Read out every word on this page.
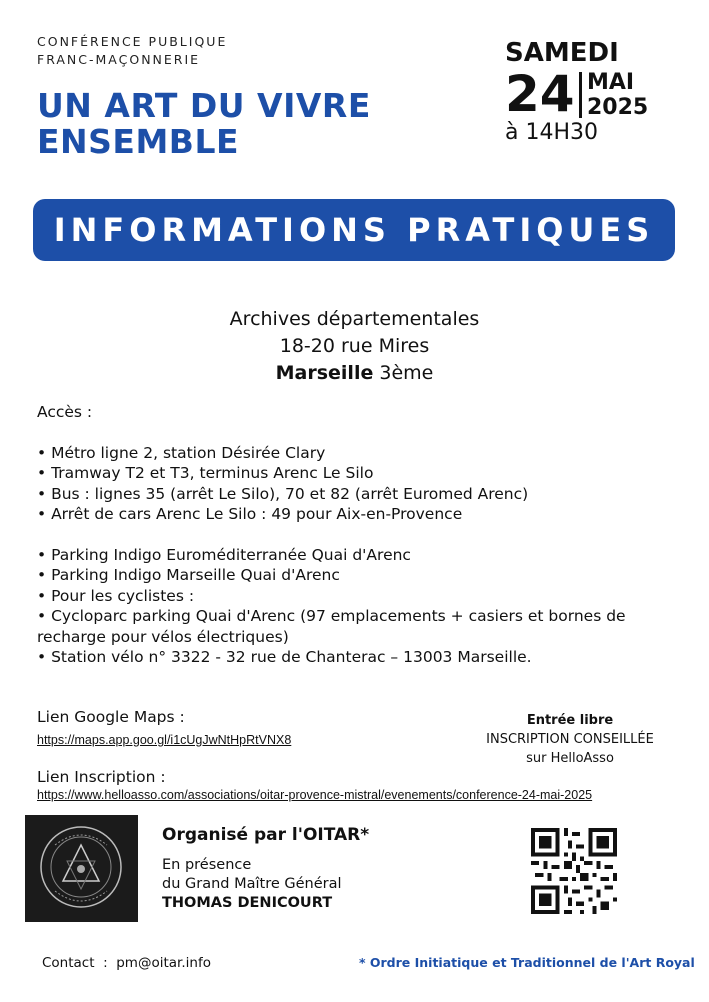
CONFÉRENCE PUBLIQUE
FRANC-MAÇONNERIE
UN ART DU VIVRE
ENSEMBLE
SAMEDI
24 MAI
2025
à 14H30
INFORMATIONS PRATIQUES
Archives départementales
18-20 rue Mires
Marseille 3ème
Accès :
• Métro ligne 2, station Désirée Clary
• Tramway T2 et T3, terminus Arenc Le Silo
• Bus : lignes 35 (arrêt Le Silo), 70 et 82 (arrêt Euromed Arenc)
• Arrêt de cars Arenc Le Silo : 49 pour Aix-en-Provence
• Parking Indigo Euroméditerranée Quai d'Arenc
• Parking Indigo Marseille Quai d'Arenc
• Pour les cyclistes :
• Cycloparc parking Quai d'Arenc (97 emplacements + casiers et bornes de recharge pour vélos électriques)
• Station vélo n° 3322 - 32 rue de Chanterac – 13003 Marseille.
Lien Google Maps :
https://maps.app.goo.gl/i1cUgJwNtHpRtVNX8
Lien Inscription :
https://www.helloasso.com/associations/oitar-provence-mistral/evenements/conference-24-mai-2025
Entrée libre
INSCRIPTION CONSEILLÉE
sur HelloAsso
Organisé par l'OITAR*
En présence
du Grand Maître Général
THOMAS DENICOURT
Contact  :  pm@oitar.info	* Ordre Initiatique et Traditionnel de l'Art Royal
